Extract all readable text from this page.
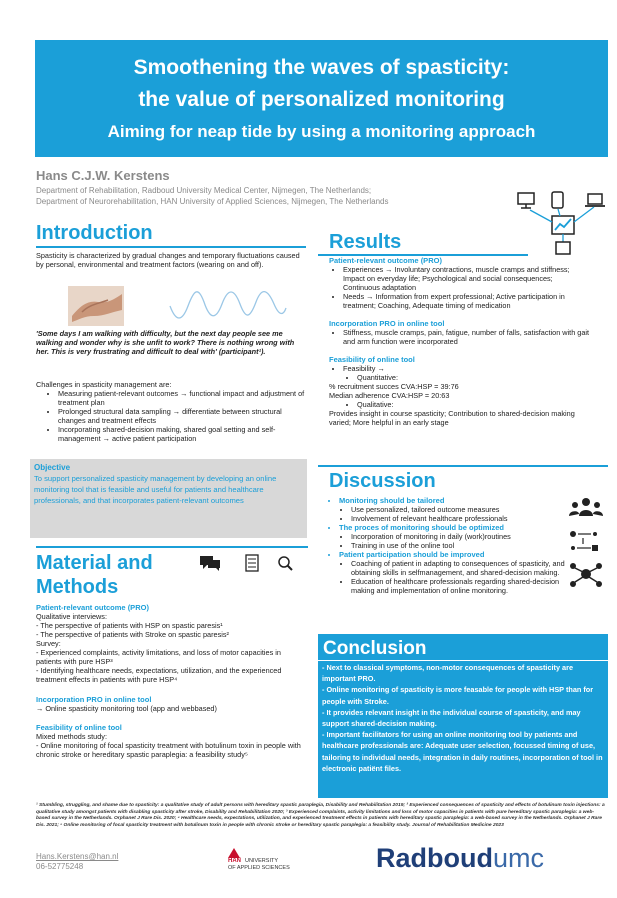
Smoothening the waves of spasticity:
the value of personalized monitoring
Aiming for neap tide by using a monitoring approach
Hans C.J.W. Kerstens
Department of Rehabilitation, Radboud University Medical Center, Nijmegen, The Netherlands;
Department of Neurorehabilitation, HAN University of Applied Sciences, Nijmegen, The Netherlands
Introduction
Spasticity is characterized by gradual changes and temporary fluctuations caused by personal, environmental and treatment factors (wearing on and off).
'Some days I am walking with difficulty, but the next day people see me walking and wonder why is she unfit to work? There is nothing wrong with her. This is very frustrating and difficult to deal with' (participant¹).
Challenges in spasticity management are:
• Measuring patient-relevant outcomes → functional impact and adjustment of treatment plan
• Prolonged structural data sampling → differentiate between structural changes and treatment effects
• Incorporating shared-decision making, shared goal setting and self-management → active patient participation
Objective
To support personalized spasticity management by developing an online monitoring tool that is feasible and useful for patients and healthcare professionals, and that incorporates patient-relevant outcomes
Material and
Methods
Patient-relevant outcome (PRO)
Qualitative interviews:
- The perspective of patients with HSP on spastic paresis¹
- The perspective of patients with Stroke on spastic paresis²
Survey:
- Experienced complaints, activity limitations, and loss of motor capacities in patients with pure HSP³
- Identifying healthcare needs, expectations, utilization, and the experienced treatment effects in patients with pure HSP⁴
Incorporation PRO in online tool
→ Online spasticity monitoring tool (app and webbased)
Feasibility of online tool
Mixed methods study:
- Online monitoring of focal spasticity treatment with botulinum toxin in people with chronic stroke or hereditary spastic paraplegia: a feasibility study⁵
Results
Patient-relevant outcome (PRO)
• Experiences → Involuntary contractions, muscle cramps and stiffness; Impact on everyday life; Psychological and social consequences; Continuous adaptation
• Needs → Information from expert professional; Active participation in treatment; Coaching, Adequate timing of medication
Incorporation PRO in online tool
• Stiffness, muscle cramps, pain, fatigue, number of falls, satisfaction with gait and arm function were incorporated
Feasibility of online tool
• Feasibility →
• Quantitative:
% recruitment succes CVA:HSP = 39:76
Median adherence CVA:HSP = 20:63
• Qualitative:
Provides insight in course spasticity; Contribution to shared-decision making varied; More helpful in an early stage
Discussion
• Monitoring should be tailored
• Use personalized, tailored outcome measures
• Involvement of relevant healthcare professionals
• The proces of monitoring should be optimized
• Incorporation of monitoring in daily (work)routines
• Training in use of the online tool
• Patient participation should be improved
• Coaching of patient in adapting to consequences of spasticity, and obtaining skills in selfmanagement, and shared-decision making.
• Education of healthcare professionals regarding shared-decision making and implementation of online monitoring.
Conclusion
- Next to classical symptoms, non-motor consequences of spasticity are important PRO.
- Online monitoring of spasticity is more feasable for people with HSP than for people with Stroke.
- It provides relevant insight in the individual course of spasticity, and may support shared-decision making.
- Important facilitators for using an online monitoring tool by patients and healthcare professionals are: Adequate user selection, focussed timing of use, tailoring to individual needs, integration in daily routines, incorporation of tool in electronic patiënt files.
¹ Stumbling, struggling, and shame due to spasticity: a qualitative study of adult persons with hereditary spastic paraplegia, Disability and Rehabilitation 2019; ² Experienced consequences of spasticity and effects of botulinum toxin injections: a qualitative study amongst patients with disabling spasticity after stroke, Disability and Rehabilitation 2020; ³ Experienced complaints, activity limitations and loss of motor capacities in patients with pure hereditary spastic paraplegia: a web-based survey in the Netherlands. Orphanet J Rare Dis. 2020; ⁴ Healthcare needs, expectations, utilization, and experienced treatment effects in patients with hereditary spastic paraplegia: a web-based survey in the Netherlands. Orphanet J Rare Dis. 2021; ⁵ Online monitoring of focal spasticity treatment with botulinum toxin in people with chronic stroke or hereditary spastic paraplegia: a feasibility study. Journal of Rehabilitation Medicine 2023
Hans.Kerstens@han.nl
06-52775248
HAN UNIVERSITY
OF APPLIED SCIENCES	Radboudumc
